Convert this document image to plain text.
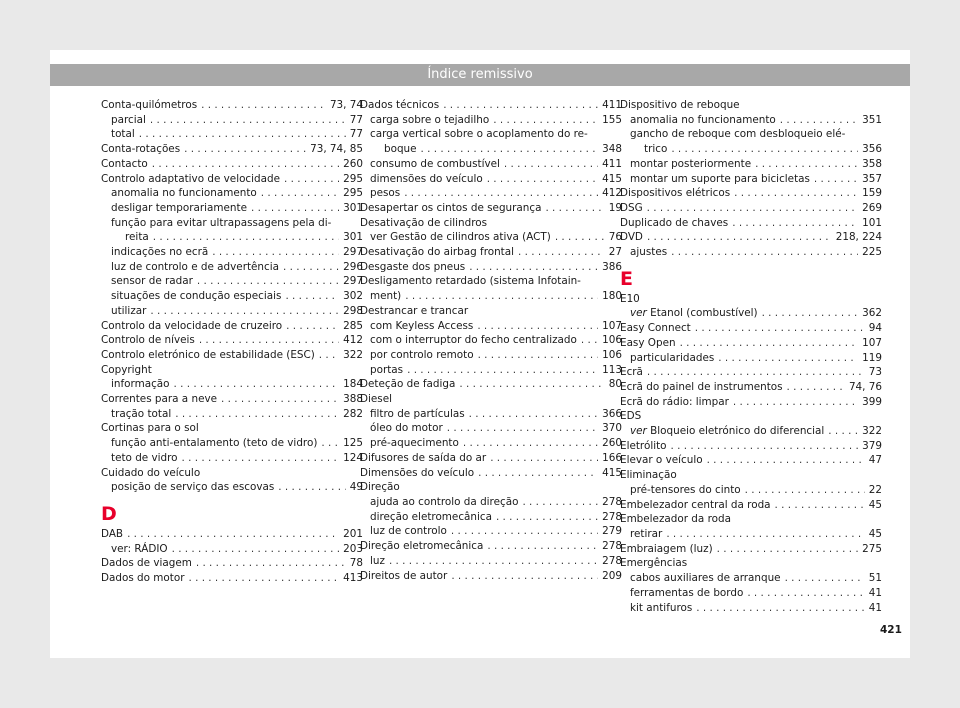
Índice remissivo
Conta-quilómetros . . .	73, 74
parcial . . .	77
total . . .	77
Conta-rotações . . .	73, 74, 85
Contacto . . .	260
Controlo adaptativo de velocidade . . .	295
anomalia no funcionamento . . .	295
desligar temporariamente . . .	301
função para evitar ultrapassagens pela di-
reita . . .	301
indicações no ecrã . . .	297
luz de controlo e de advertência . . .	296
sensor de radar . . .	297
situações de condução especiais . . .	302
utilizar . . .	298
Controlo da velocidade de cruzeiro . . .	285
Controlo de níveis . . .	412
Controlo eletrónico de estabilidade (ESC) . . .	322
Copyright
informação . . .	184
Correntes para a neve . . .	388
tração total . . .	282
Cortinas para o sol
função anti-entalamento (teto de vidro) . . . 125
teto de vidro . . .	124
Cuidado do veículo
posição de serviço das escovas . . .	49
D
DAB . . .	201
ver: RÁDIO . . .	203
Dados de viagem . . .	78
Dados do motor . . .	413
Dados técnicos . . .	411
carga sobre o tejadilho . . .	155
carga vertical sobre o acoplamento do re-
boque . . .	348
consumo de combustível . . .	411
dimensões do veículo . . .	415
pesos . . .	412
Desapertar os cintos de segurança . . .	19
Desativação de cilindros
ver Gestão de cilindros ativa (ACT) . . .	76
Desativação do airbag frontal . . .	27
Desgaste dos pneus . . .	386
Desligamento retardado (sistema Infotain-
ment) . . .	180
Destrancar e trancar
com Keyless Access . . .	107
com o interruptor do fecho centralizado . . . 106
por controlo remoto . . .	106
portas . . .	113
Deteção de fadiga . . .	80
Diesel
filtro de partículas . . .	366
óleo do motor . . .	370
pré-aquecimento . . .	260
Difusores de saída do ar . . .	166
Dimensões do veículo . . .	415
Direção
ajuda ao controlo da direção . . .	278
direção eletromecânica . . .	278
luz de controlo . . .	279
Direção eletromecânica . . .	278
luz . . .	278
Direitos de autor . . .	209
Dispositivo de reboque
anomalia no funcionamento . . .	351
gancho de reboque com desbloqueio elé-
trico . . .	356
montar posteriormente . . .	358
montar um suporte para bicicletas . . .	357
Dispositivos elétricos . . .	159
DSG . . .	269
Duplicado de chaves . . .	101
DVD . . .	218, 224
ajustes . . .	225
E
E10
ver Etanol (combustível) . . .	362
Easy Connect . . .	94
Easy Open . . .	107
particularidades . . .	119
Ecrã . . .	73
Ecrã do painel de instrumentos . . .	74, 76
Ecrã do rádio: limpar . . .	399
EDS
ver Bloqueio eletrónico do diferencial . . .	322
Eletrólito . . .	379
Elevar o veículo . . .	47
Eliminação
pré-tensores do cinto . . .	22
Embelezador central da roda . . .	45
Embelezador da roda
retirar . . .	45
Embraiagem (luz) . . .	275
Emergências
cabos auxiliares de arranque . . .	51
ferramentas de bordo . . .	41
kit antifuros . . .	41
421
